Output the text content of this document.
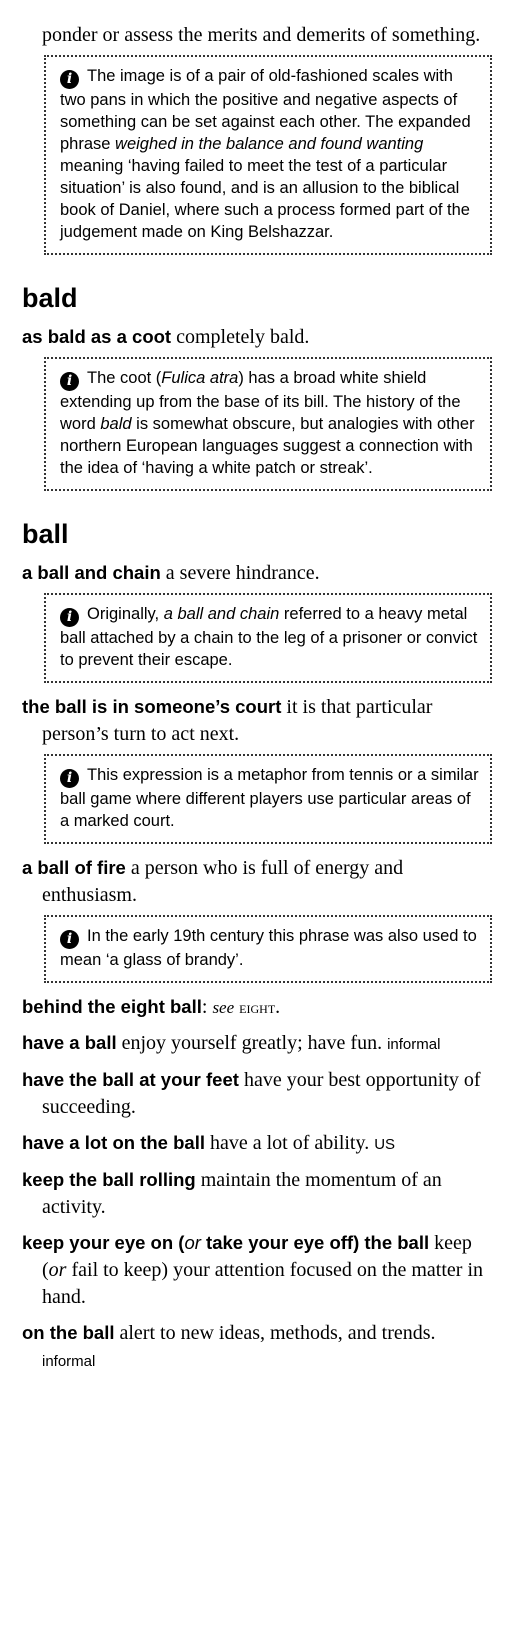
ponder or assess the merits and demerits of something.

i The image is of a pair of old-fashioned scales with two pans in which the positive and negative aspects of something can be set against each other. The expanded phrase weighed in the balance and found wanting meaning ‘having failed to meet the test of a particular situation’ is also found, and is an allusion to the biblical book of Daniel, where such a process formed part of the judgement made on King Belshazzar.
bald

as bald as a coot completely bald.

i The coot (Fulica atra) has a broad white shield extending up from the base of its bill. The history of the word bald is somewhat obscure, but analogies with other northern European languages suggest a connection with the idea of ‘having a white patch or streak’.
ball

a ball and chain a severe hindrance.

i Originally, a ball and chain referred to a heavy metal ball attached by a chain to the leg of a prisoner or convict to prevent their escape.

the ball is in someone’s court it is that particular person’s turn to act next.

i This expression is a metaphor from tennis or a similar ball game where different players use particular areas of a marked court.

a ball of fire a person who is full of energy and enthusiasm.

i In the early 19th century this phrase was also used to mean ‘a glass of brandy’.

behind the eight ball: see eight.

have a ball enjoy yourself greatly; have fun. informal

have the ball at your feet have your best opportunity of succeeding.

have a lot on the ball have a lot of ability. US

keep the ball rolling maintain the momentum of an activity.

keep your eye on (or take your eye off) the ball keep (or fail to keep) your attention focused on the matter in hand.

on the ball alert to new ideas, methods, and trends. informal
